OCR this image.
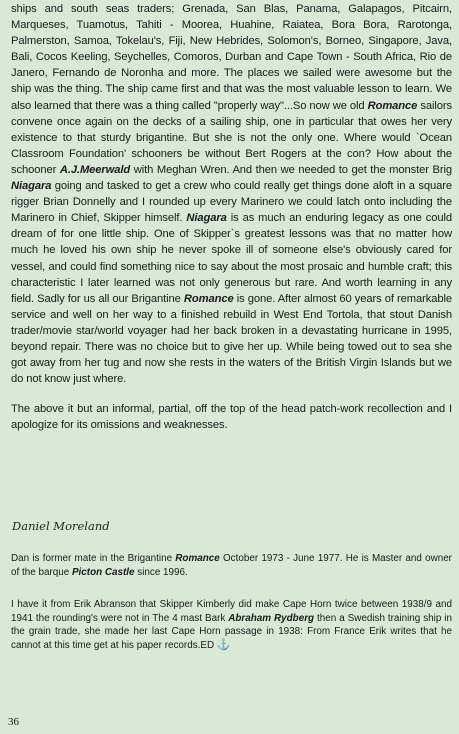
ships and south seas traders; Grenada, San Blas, Panama, Galapagos, Pitcairn, Marqueses, Tuamotus, Tahiti - Moorea, Huahine, Raiatea, Bora Bora, Rarotonga, Palmerston, Samoa, Tokelau's, Fiji, New Hebrides, Solomon's, Borneo, Singapore, Java, Bali, Cocos Keeling, Seychelles, Comoros, Durban and Cape Town - South Africa, Rio de Janero, Fernando de Noronha and more. The places we sailed were awesome but the ship was the thing. The ship came first and that was the most valuable lesson to learn. We also learned that there was a thing called "properly way"...So now we old Romance sailors convene once again on the decks of a sailing ship, one in particular that owes her very existence to that sturdy brigantine. But she is not the only one. Where would `Ocean Classroom Foundation' schooners be without Bert Rogers at the con? How about the schooner A.J.Meerwald with Meghan Wren. And then we needed to get the monster Brig Niagara going and tasked to get a crew who could really get things done aloft in a square rigger Brian Donnelly and I rounded up every Marinero we could latch onto including the Marinero in Chief, Skipper himself. Niagara is as much an enduring legacy as one could dream of for one little ship. One of Skipper`s greatest lessons was that no matter how much he loved his own ship he never spoke ill of someone else's obviously cared for vessel, and could find something nice to say about the most prosaic and humble craft; this characteristic I later learned was not only generous but rare. And worth learning in any field. Sadly for us all our Brigantine Romance is gone. After almost 60 years of remarkable service and well on her way to a finished rebuild in West End Tortola, that stout Danish trader/movie star/world voyager had her back broken in a devastating hurricane in 1995, beyond repair. There was no choice but to give her up. While being towed out to sea she got away from her tug and now she rests in the waters of the British Virgin Islands but we do not know just where.

The above it but an informal, partial, off the top of the head patch-work recollection and I apologize for its omissions and weaknesses.

Daniel Moreland
Dan is former mate in the Brigantine Romance October 1973 - June 1977. He is Master and owner of the barque Picton Castle since 1996.
I have it from Erik Abranson that Skipper Kimberly did make Cape Horn twice between 1938/9 and 1941 the rounding's were not in The 4 mast Bark Abraham Rydberg then a Swedish training ship in the grain trade, she made her last Cape Horn passage in 1938: From France Erik writes that he cannot at this time get at his paper records.ED ⚓
36
